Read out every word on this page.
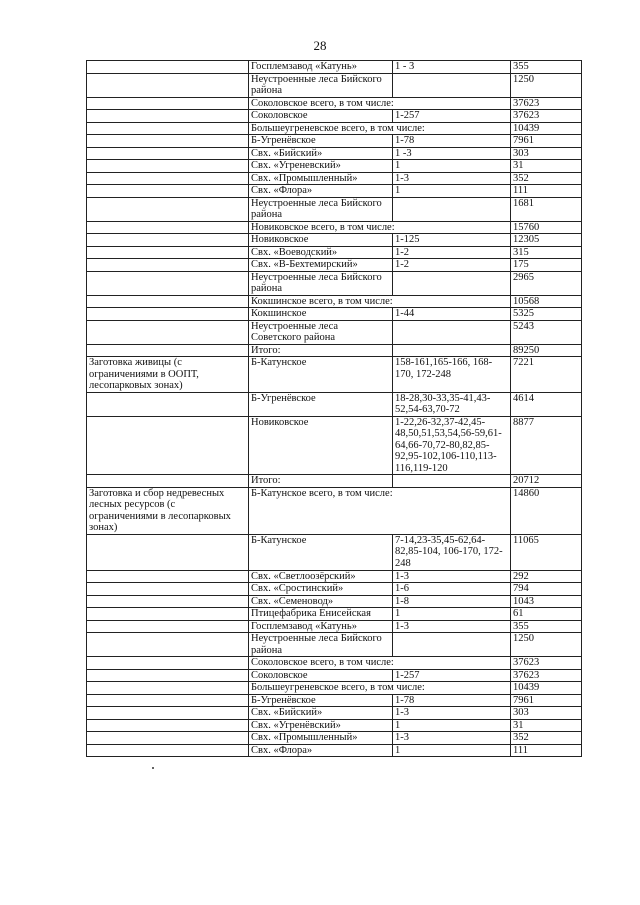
28
	Госплемзавод «Катунь»	1 - 3	355
	Неустроенные леса Бийского района		1250
	Соколовское всего, в том числе:		37623
	Соколовское	1-257	37623
	Большеугреневское всего, в том числе:		10439
	Б-Угренёвское	1-78	7961
	Свх. «Бийский»	1 -3	303
	Свх. «Угреневский»	1	31
	Свх. «Промышленный»	1-3	352
	Свх. «Флора»	1	111
	Неустроенные леса Бийского района		1681
	Новиковское всего, в том числе:		15760
	Новиковское	1-125	12305
	Свх. «Воеводский»	1-2	315
	Свх. «В-Бехтемирский»	1-2	175
	Неустроенные леса Бийского района		2965
	Кокшинское всего, в том числе:		10568
	Кокшинское	1-44	5325
	Неустроенные леса Советского района		5243
	Итого:		89250
Заготовка живицы (с ограничениями в ООПТ, лесопарковых зонах)	Б-Катунское	158-161,165-166, 168-170, 172-248	7221
	Б-Угренёвское	18-28,30-33,35-41,43-52,54-63,70-72	4614
	Новиковское	1-22,26-32,37-42,45-48,50,51,53,54,56-59,61-64,66-70,72-80,82,85-92,95-102,106-110,113-116,119-120	8877
	Итого:		20712
Заготовка и сбор недревесных лесных ресурсов (с ограничениями в лесопарковых зонах)	Б-Катунское всего, в том числе:		14860
	Б-Катунское	7-14,23-35,45-62,64-82,85-104, 106-170, 172-248	11065
	Свх. «Светлоозёрский»	1-3	292
	Свх. «Сростинский»	1-6	794
	Свх. «Семеновод»	1-8	1043
	Птицефабрика Енисейская	1	61
	Госплемзавод «Катунь»	1-3	355
	Неустроенные леса Бийского района		1250
	Соколовское всего, в том числе:		37623
	Соколовское	1-257	37623
	Большеугреневское всего, в том числе:		10439
	Б-Угренёвское	1-78	7961
	Свх. «Бийский»	1-3	303
	Свх. «Угренёвский»	1	31
	Свх. «Промышленный»	1-3	352
	Свх. «Флора»	1	111
